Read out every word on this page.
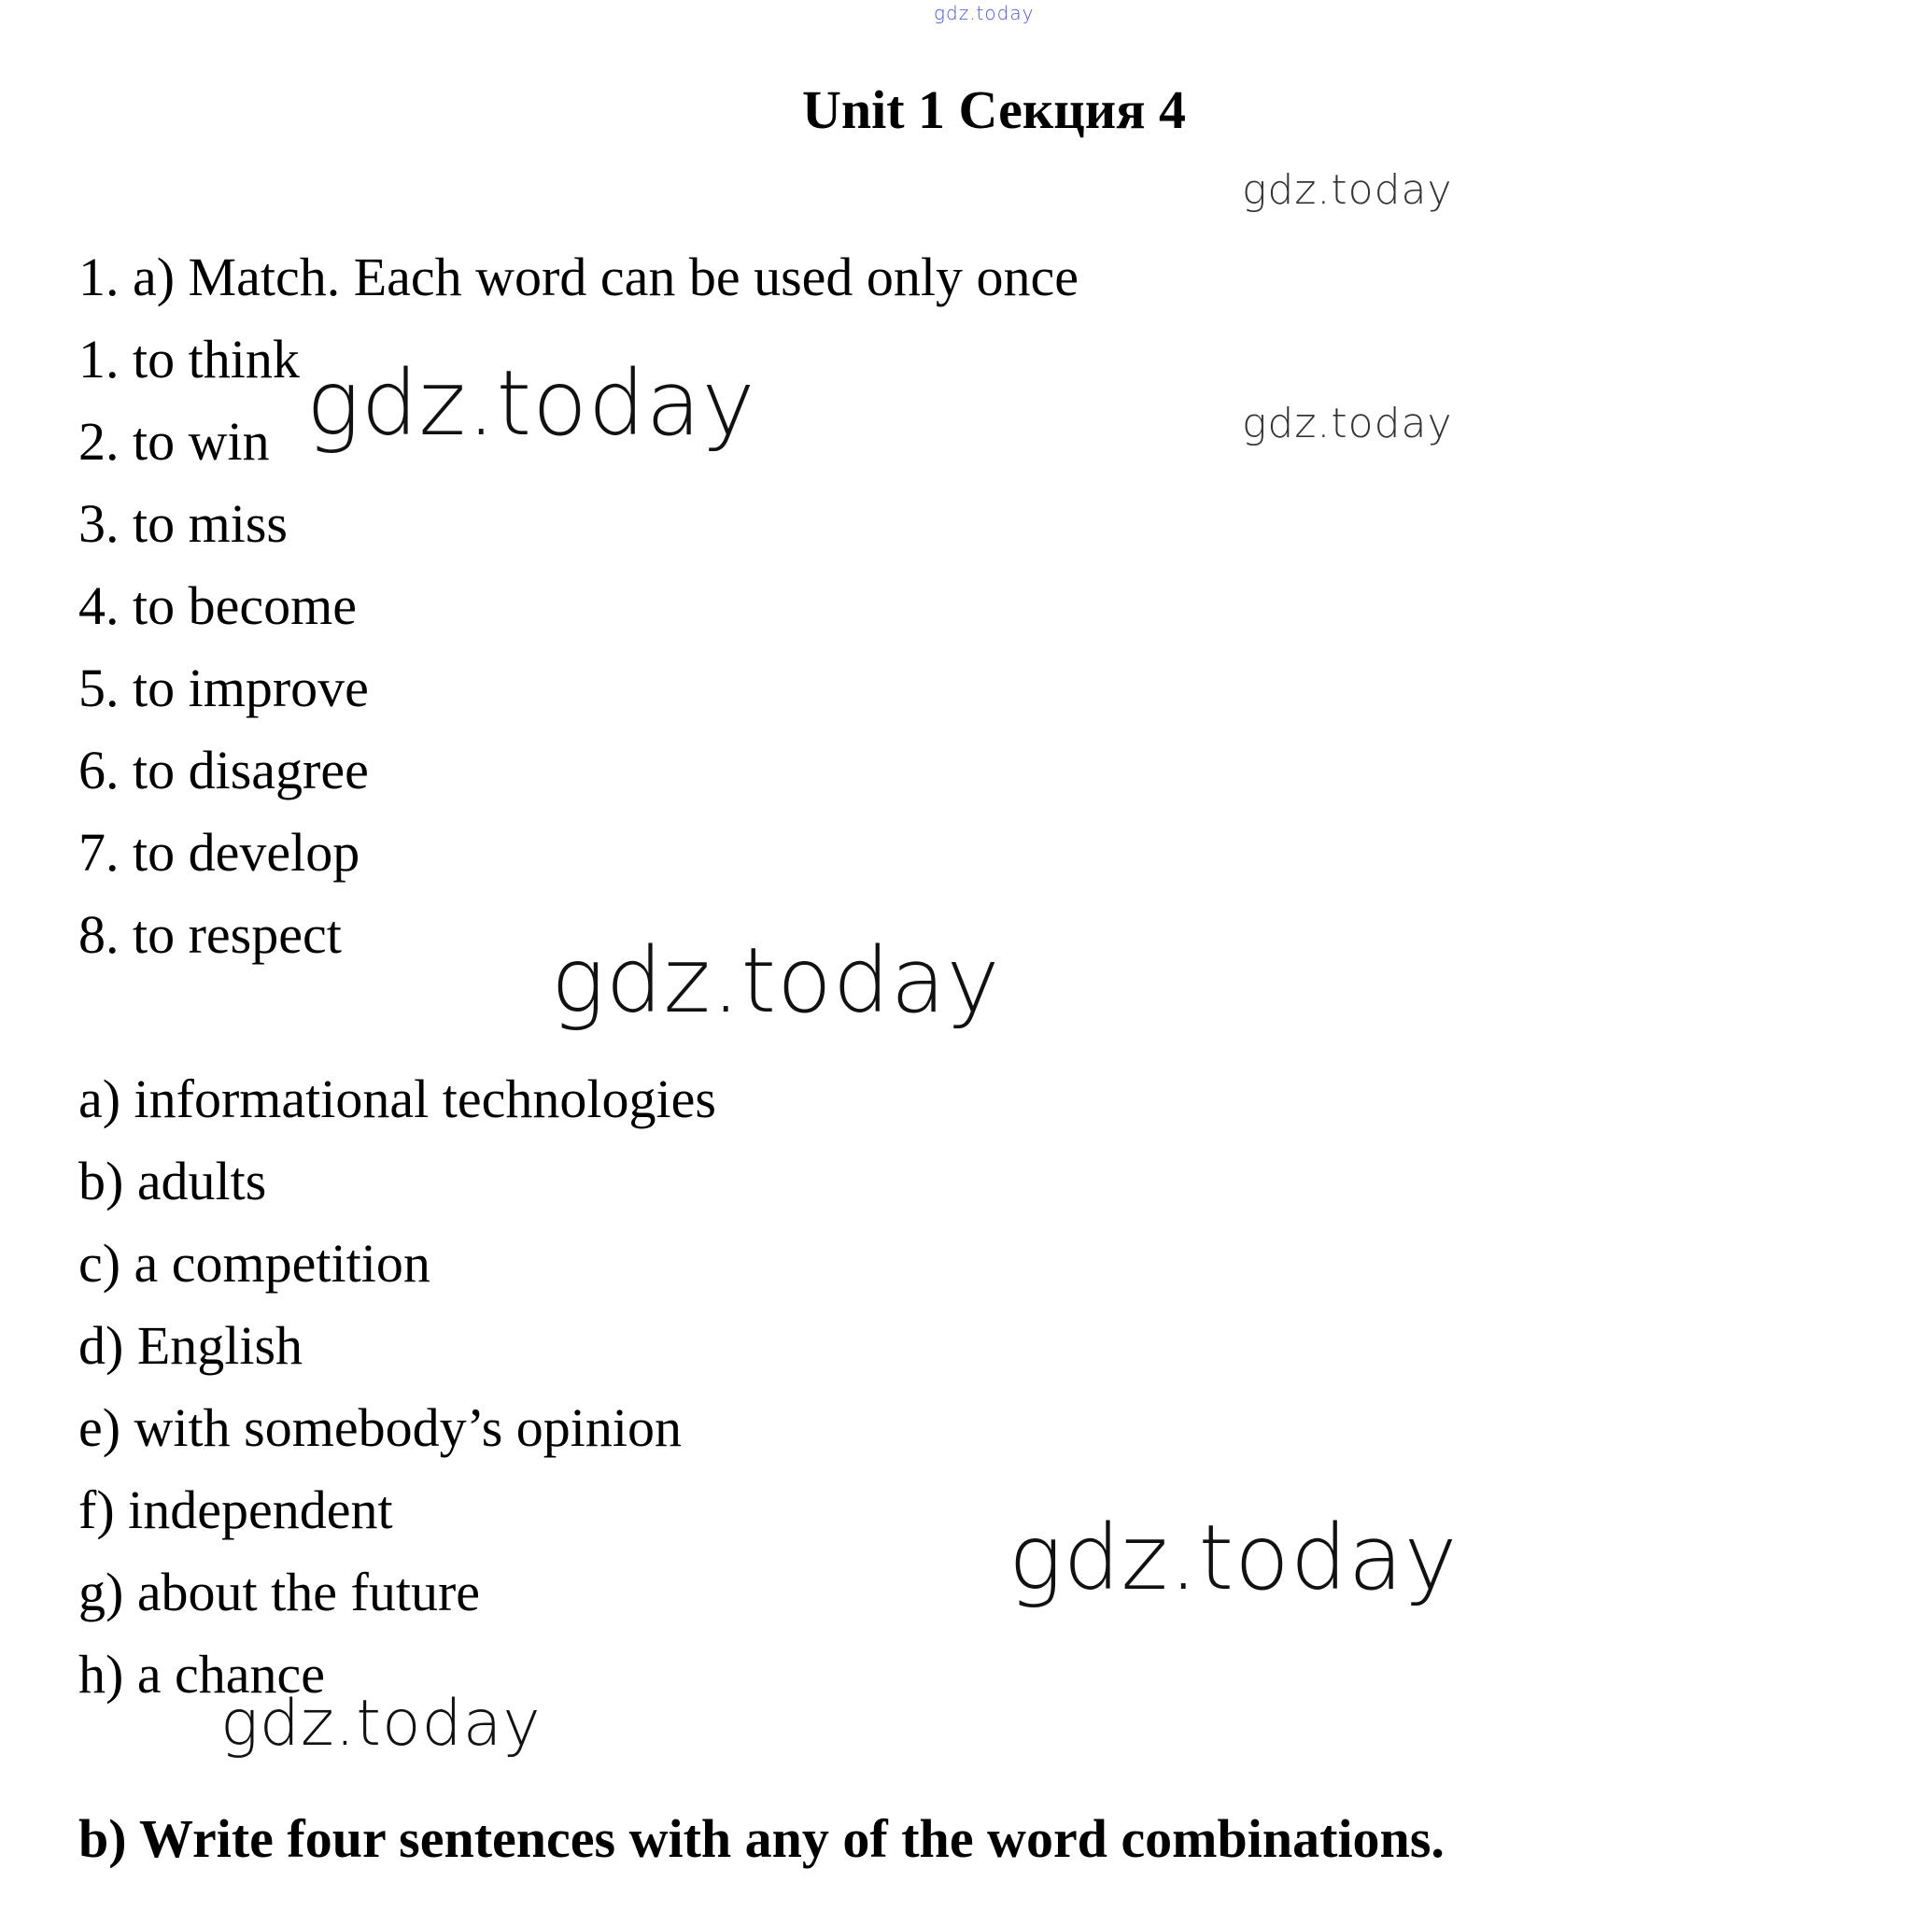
gdz.today
gdz.today
gdz.today
gdz.today
gdz.today
gdz.today
gdz.today
Unit 1 Секция 4
1. a) Match. Each word can be used only once
1. to think
2. to win
3. to miss
4. to become
5. to improve
6. to disagree
7. to develop
8. to respect
a) informational technologies
b) adults
c) a competition
d) English
e) with somebody’s opinion
f) independent
g) about the future
h) a chance
b) Write four sentences with any of the word combinations.
